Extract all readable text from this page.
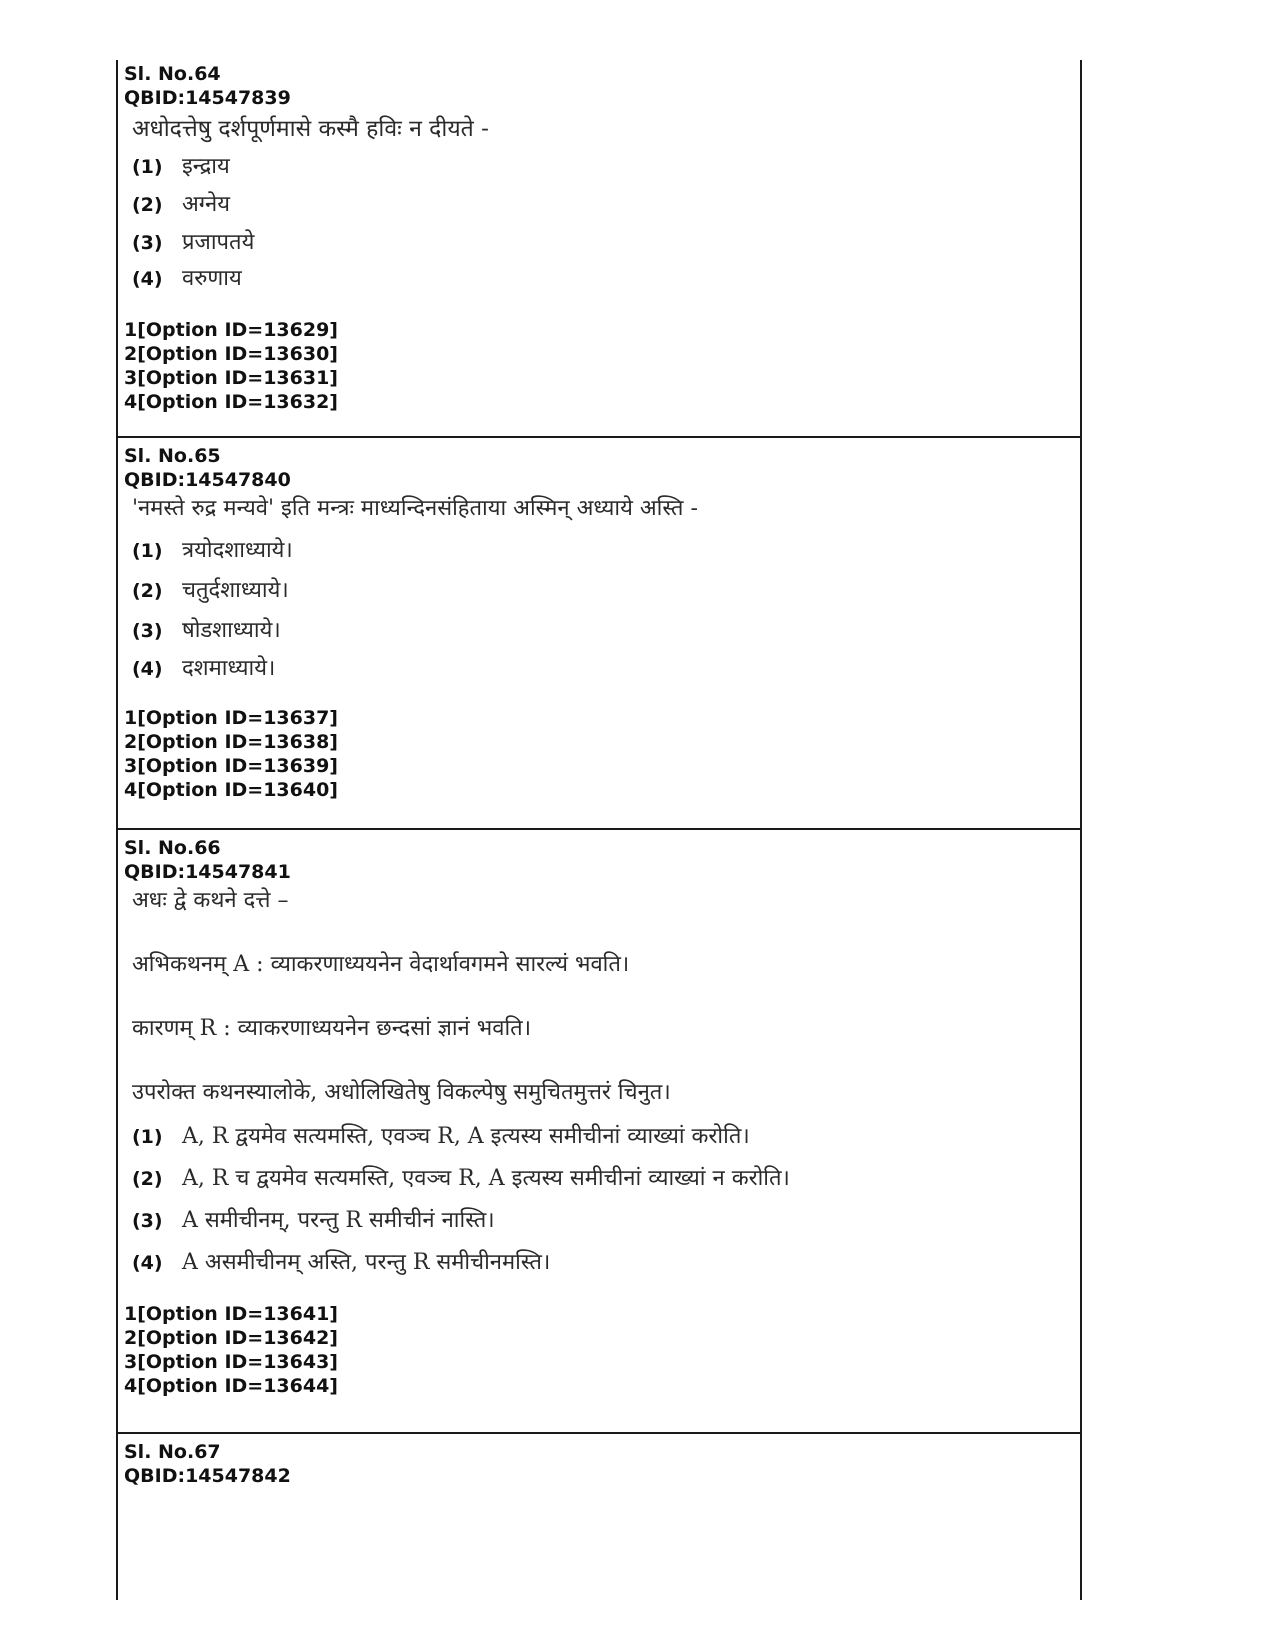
Sl. No.64

QBID:14547839

अधोदत्तेषु दर्शपूर्णमासे कस्मै हविः न दीयते -
(1) इन्द्राय
(2) अग्नेय
(3) प्रजापतये
(4) वरुणाय

1[Option ID=13629]

2[Option ID=13630]

3[Option ID=13631]

4[Option ID=13632]

Sl. No.65

QBID:14547840

'नमस्ते रुद्र मन्यवे' इति मन्त्रः माध्यन्दिनसंहिताया अस्मिन् अध्याये अस्ति -
(1) त्रयोदशाध्याये।
(2) चतुर्दशाध्याये।
(3) षोडशाध्याये।
(4) दशमाध्याये।

1[Option ID=13637]

2[Option ID=13638]

3[Option ID=13639]

4[Option ID=13640]

Sl. No.66

QBID:14547841

अधः द्वे कथने दत्ते –
अभिकथनम् A : व्याकरणाध्ययनेन वेदार्थावगमने सारल्यं भवति।
कारणम् R : व्याकरणाध्ययनेन छन्दसां ज्ञानं भवति।
उपरोक्त कथनस्यालोके, अधोलिखितेषु विकल्पेषु समुचितमुत्तरं चिनुत।
(1) A, R द्वयमेव सत्यमस्ति, एवञ्च R, A इत्यस्य समीचीनां व्याख्यां करोति।
(2) A, R च द्वयमेव सत्यमस्ति, एवञ्च R, A इत्यस्य समीचीनां व्याख्यां न करोति।
(3) A समीचीनम्, परन्तु R समीचीनं नास्ति।
(4) A असमीचीनम् अस्ति, परन्तु R समीचीनमस्ति।

1[Option ID=13641]

2[Option ID=13642]

3[Option ID=13643]

4[Option ID=13644]

Sl. No.67

QBID:14547842
